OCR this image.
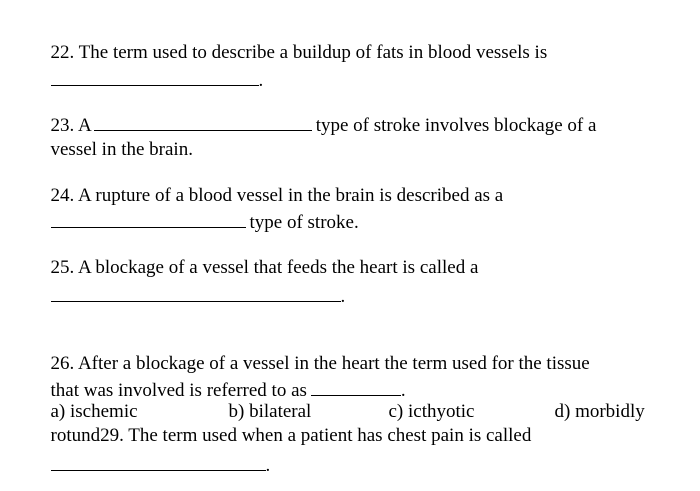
22. The term used to describe a buildup of fats in blood vessels is

.

23. A	type of stroke involves blockage of a

vessel in the brain.

24. A rupture of a blood vessel in the brain is described as a

type of stroke.

25. A blockage of a vessel that feeds the heart is called a

.

26. After a blockage of a vessel in the heart the term used for the tissue

that was involved is referred to as	.

a) ischemic	b) bilateral	c) icthyotic	d) morbidly

rotund29. The term used when a patient has chest pain is called

.
